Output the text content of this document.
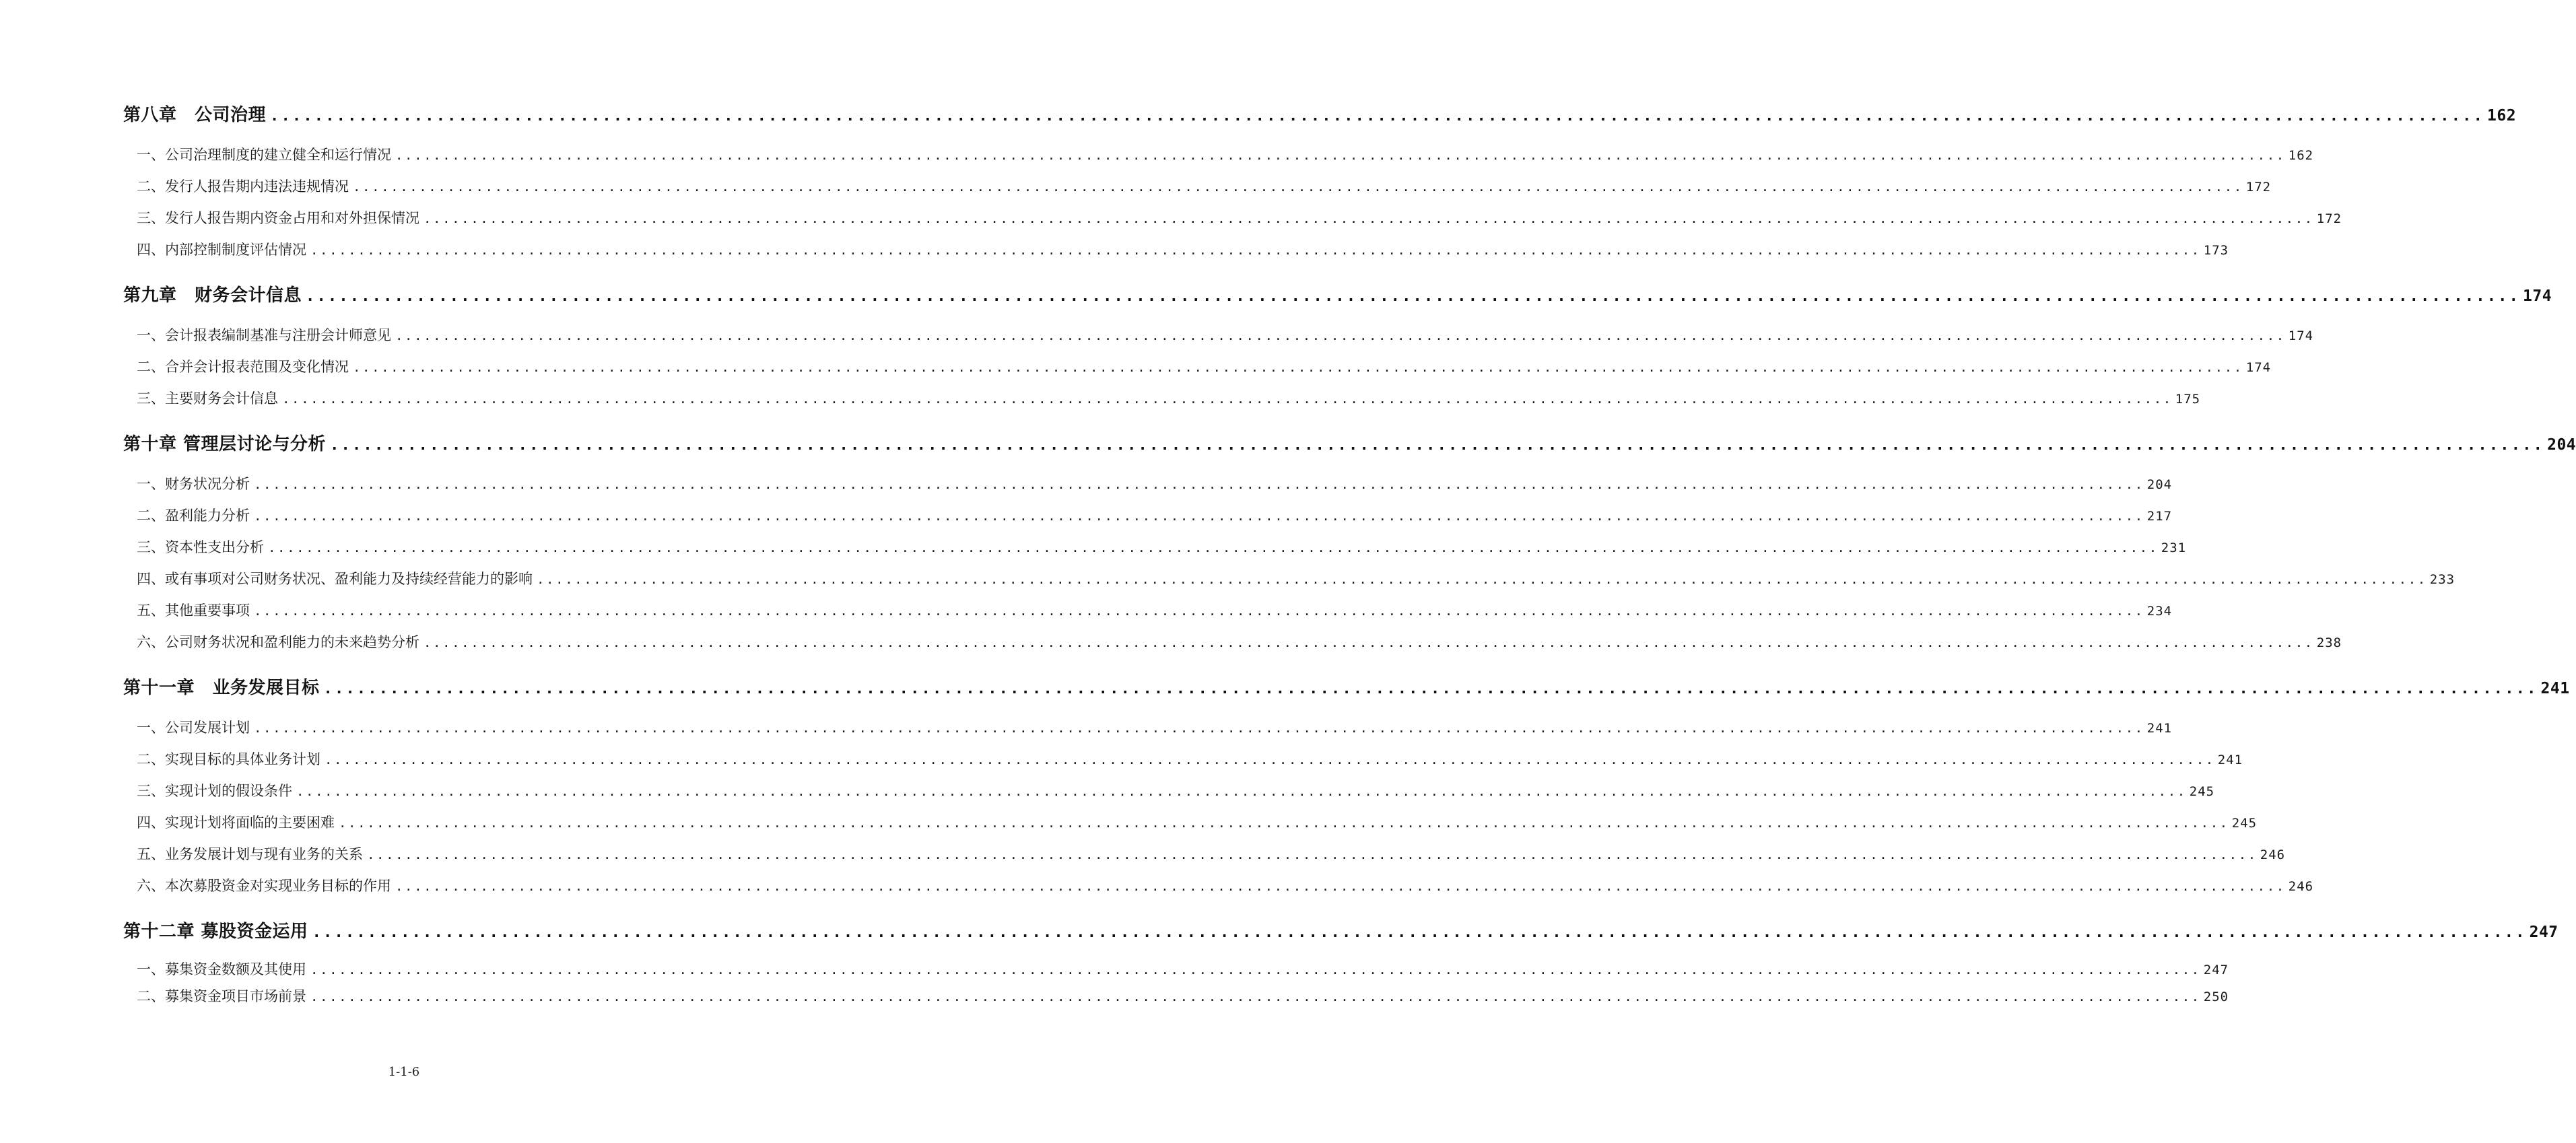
第八章　公司治理 ........................................................................................................................................................................................................ 162
一、公司治理制度的建立健全和运行情况 ........................................................................................................................................................................................................ 162
二、发行人报告期内违法违规情况 ........................................................................................................................................................................................................ 172
三、发行人报告期内资金占用和对外担保情况 ........................................................................................................................................................................................................ 172
四、内部控制制度评估情况 ........................................................................................................................................................................................................ 173
第九章　财务会计信息 ........................................................................................................................................................................................................ 174
一、会计报表编制基准与注册会计师意见 ........................................................................................................................................................................................................ 174
二、合并会计报表范围及变化情况 ........................................................................................................................................................................................................ 174
三、主要财务会计信息 ........................................................................................................................................................................................................ 175
第十章 管理层讨论与分析 ........................................................................................................................................................................................................ 204
一、财务状况分析 ........................................................................................................................................................................................................ 204
二、盈利能力分析 ........................................................................................................................................................................................................ 217
三、资本性支出分析 ........................................................................................................................................................................................................ 231
四、或有事项对公司财务状况、盈利能力及持续经营能力的影响 ........................................................................................................................................................................................................ 233
五、其他重要事项 ........................................................................................................................................................................................................ 234
六、公司财务状况和盈利能力的未来趋势分析 ........................................................................................................................................................................................................ 238
第十一章　业务发展目标 ........................................................................................................................................................................................................ 241
一、公司发展计划 ........................................................................................................................................................................................................ 241
二、实现目标的具体业务计划 ........................................................................................................................................................................................................ 241
三、实现计划的假设条件 ........................................................................................................................................................................................................ 245
四、实现计划将面临的主要困难 ........................................................................................................................................................................................................ 245
五、业务发展计划与现有业务的关系 ........................................................................................................................................................................................................ 246
六、本次募股资金对实现业务目标的作用 ........................................................................................................................................................................................................ 246
第十二章 募股资金运用 ........................................................................................................................................................................................................ 247
一、募集资金数额及其使用 ........................................................................................................................................................................................................ 247
二、募集资金项目市场前景 ........................................................................................................................................................................................................ 250
1-1-6
